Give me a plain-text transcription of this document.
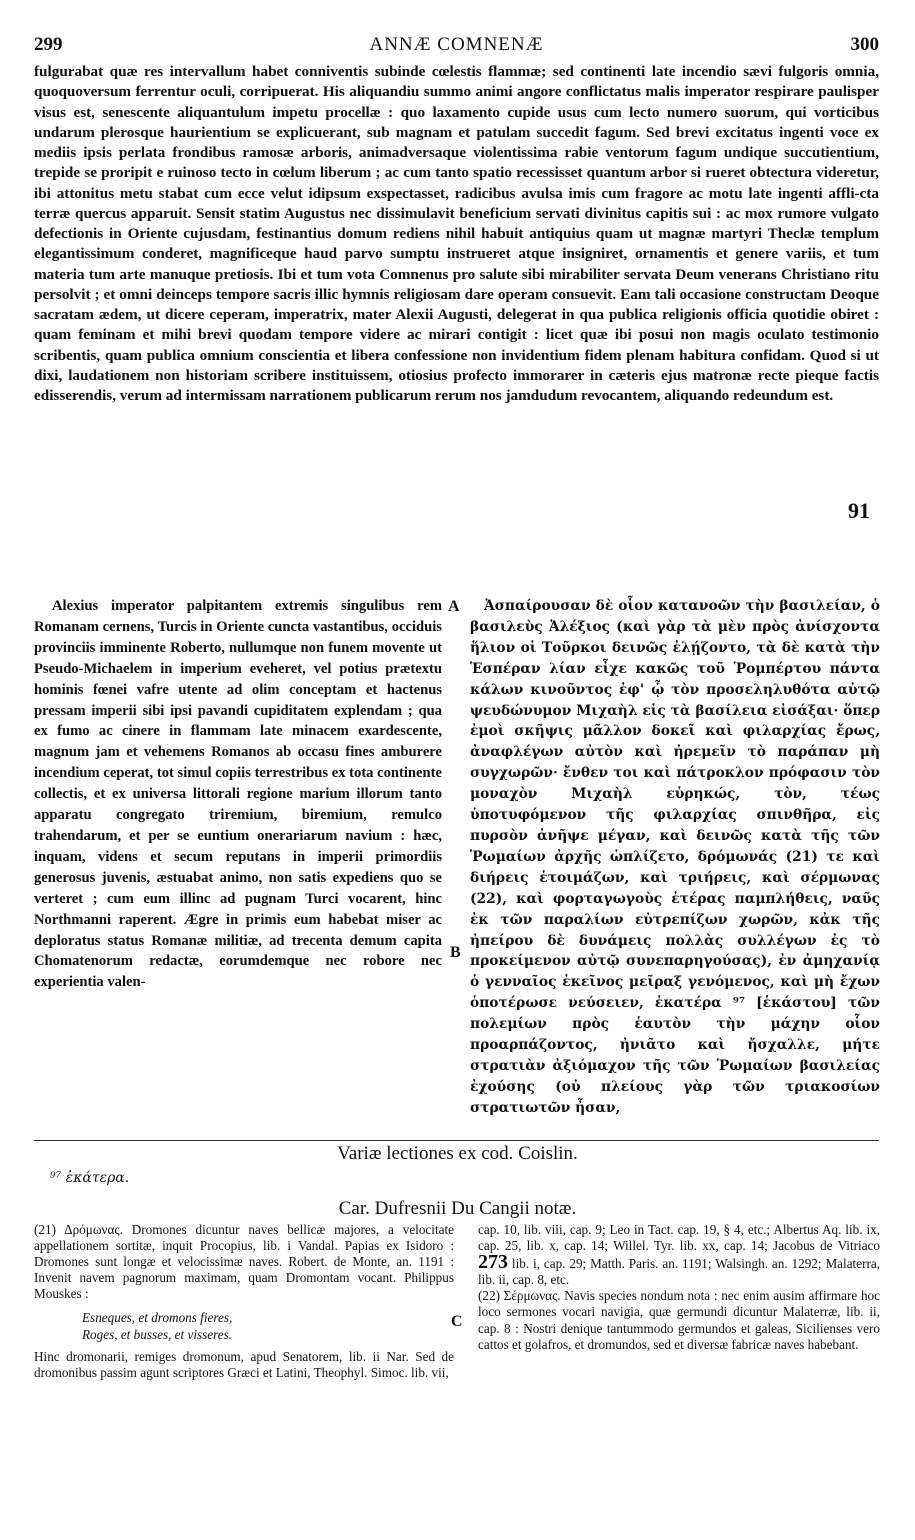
299	ANNÆ COMNENÆ	300

fulgurabat quæ res intervallum habet conniventis subinde cœlestis flammæ; sed continenti late incendio sævi fulgoris omnia, quoquoversum ferrentur oculi, corripuerat. His aliquandiu summo animi angore conflictatus malis imperator respirare paulisper visus est, senescente aliquantulum impetu procellæ : quo laxamento cupide usus cum lecto numero suorum, qui vorticibus undarum plerosque haurientium se explicuerant, sub magnam et patulam succedit fagum. Sed brevi excitatus ingenti voce ex mediis ipsis perlata frondibus ramosæ arboris, animadversaque violentissima rabie ventorum fagum undique succutientium, trepide se proripit e ruinoso tecto in cœlum liberum ; ac cum tanto spatio recessisset quantum arbor si rueret obtectura videretur, ibi attonitus metu stabat cum ecce velut idipsum exspectasset, radicibus avulsa imis cum fragore ac motu late ingenti affli-cta terræ quercus apparuit. Sensit statim Augustus nec dissimulavit beneficium servati divinitus capitis sui : ac mox rumore vulgato defectionis in Oriente cujusdam, festinantius domum rediens nihil habuit antiquius quam ut magnæ martyri Theclæ templum elegantissimum conderet, magnificeque haud parvo sumptu instrueret atque insigniret, ornamentis et genere variis, et tum materia tum arte manuque pretiosis. Ibi et tum vota Comnenus pro salute sibi mirabiliter servata Deum venerans Christiano ritu persolvit ; et omni deinceps tempore sacris illic hymnis religiosam dare operam consuevit. Eam tali occasione constructam Deoque sacratam ædem, ut dicere ceperam, imperatrix, mater Alexii Augusti, delegerat in qua publica religionis officia quotidie obiret : quam feminam et mihi brevi quodam tempore videre ac mirari contigit : licet quæ ibi posui non magis oculato testimonio scribentis, quam publica omnium conscientia et libera confessione non invidentium fidem plenam habitura confidam. Quod si ut dixi, laudationem non historiam scribere instituissem, otiosius profecto immorarer in cæteris ejus matronæ recte pieque factis edisserendis, verum ad intermissam narrationem publicarum rerum nos jamdudum revocantem, aliquando redeundum est.

91

Alexius imperator palpitantem extremis singulibus rem Romanam cernens, Turcis in Oriente cuncta vastantibus, occiduis provinciis imminente Roberto, nullumque non funem movente ut Pseudo-Michaelem in imperium eveheret, vel potius prætextu hominis fœnei vafre utente ad olim conceptam et hactenus pressam imperii sibi ipsi pavandi cupiditatem explendam ; qua ex fumo ac cinere in flammam late minacem exardescente, magnum jam et vehemens Romanos ab occasu fines amburere incendium ceperat, tot simul copiis terrestribus ex tota continente collectis, et ex universa littorali regione marium illorum tanto apparatu congregato triremium, biremium, remulco trahendarum, et per se euntium onerariarum navium : hæc, inquam, videns et secum reputans in imperii primordiis generosus juvenis, æstuabat animo, non satis expediens quo se verteret ; cum eum illinc ad pugnam Turci vocarent, hinc Northmanni raperent. Ægre in primis eum habebat miser ac deploratus status Romanæ militiæ, ad trecenta demum capita Chomatenorum redactæ, eorumdemque nec robore nec experientia valen-

A
B

Ἀσπαίρουσαν δὲ οἷον κατανοῶν τὴν βασιλείαν, ὁ βασιλεὺς Ἀλέξιος (καὶ γὰρ τὰ μὲν πρὸς ἀνίσχοντα ἥλιον οἱ Τοῦρκοι δεινῶς ἐλῄζοντο, τὰ δὲ κατὰ τὴν Ἑσπέραν λίαν εἶχε κακῶς τοῦ Ῥομπέρτου πάντα κάλων κινοῦντος ἐφ' ᾧ τὸν προσεληλυθότα αὐτῷ ψευδώνυμον Μιχαὴλ εἰς τὰ βασίλεια εἰσάξαι· ὅπερ ἐμοὶ σκῆψις μᾶλλον δοκεῖ καὶ φιλαρχίας ἔρως, ἀναφλέγων αὐτὸν καὶ ἠρεμεῖν τὸ παράπαν μὴ συγχωρῶν· ἔνθεν τοι καὶ πάτροκλον πρόφασιν τὸν μοναχὸν Μιχαὴλ εὑρηκώς, τὸν, τέως ὑποτυφόμενον τῆς φιλαρχίας σπινθῆρα, εἰς πυρσὸν ἀνῆψε μέγαν, καὶ δεινῶς κατὰ τῆς τῶν Ῥωμαίων ἀρχῆς ὡπλίζετο, δρόμωνάς (21) τε καὶ διήρεις ἑτοιμάζων, καὶ τριήρεις, καὶ σέρμωνας (22), καὶ φορταγωγοὺς ἑτέρας παμπλήθεις, ναῦς ἐκ τῶν παραλίων εὐτρεπίζων χωρῶν, κἀκ τῆς ἠπείρου δὲ δυνάμεις πολλὰς συλλέγων ἐς τὸ προκείμενον αὐτῷ συνεπαρηγούσας), ἐν ἀμηχανίᾳ ὁ γενναῖος ἐκεῖνος μεῖραξ γενόμενος, καὶ μὴ ἔχων ὁποτέρωσε νεύσειεν, ἑκατέρα ⁹⁷ [ἑκάστου] τῶν πολεμίων πρὸς ἑαυτὸν τὴν μάχην οἷον προαρπάζοντος, ἠνιᾶτο καὶ ἤσχαλλε, μήτε στρατιὰν ἀξιόμαχον τῆς τῶν Ῥωμαίων βασιλείας ἐχούσης (οὐ πλείους γὰρ τῶν τριακοσίων στρατιωτῶν ἦσαν,

Variæ lectiones ex cod. Coislin.
⁹⁷ ἑκάτερα.
Car. Dufresnii Du Cangii notæ.

(21) Δρόμωνας. Dromones dicuntur naves bellicæ majores, a velocitate appellationem sortitæ, inquit Procopius, lib. i Vandal. Papias ex Isidoro : Dromones sunt longæ et velocissimæ naves. Robert. de Monte, an. 1191 : Invenit navem pagnorum maximam, quam Dromontam vocant. Philippus Mouskes :

Esneques, et dromons fieres,
Roges, et busses, et visseres.

Hinc dromonarii, remiges dromonum, apud Senatorem, lib. ii Nar. Sed de dromonibus passim agunt scriptores Græci et Latini, Theophyl. Simoc. lib. vii,

C

cap. 10, lib. viii, cap. 9; Leo in Tact. cap. 19, § 4, etc.; Albertus Aq. lib. ix, cap. 25, lib. x, cap. 14; Willel. Tyr. lib. xx, cap. 14; Jacobus de Vitriaco 273 lib. i, cap. 29; Matth. Paris. an. 1191; Walsingh. an. 1292; Malaterra, lib. ii, cap. 8, etc.

(22) Σέρμωνας. Navis species nondum nota : nec enim ausim affirmare hoc loco sermones vocari navigia, quæ germundi dicuntur Malaterræ, lib. ii, cap. 8 : Nostri denique tantummodo germundos et galeas, Sicilienses vero cattos et golafros, et dromundos, sed et diversæ fabricæ naves habebant.
